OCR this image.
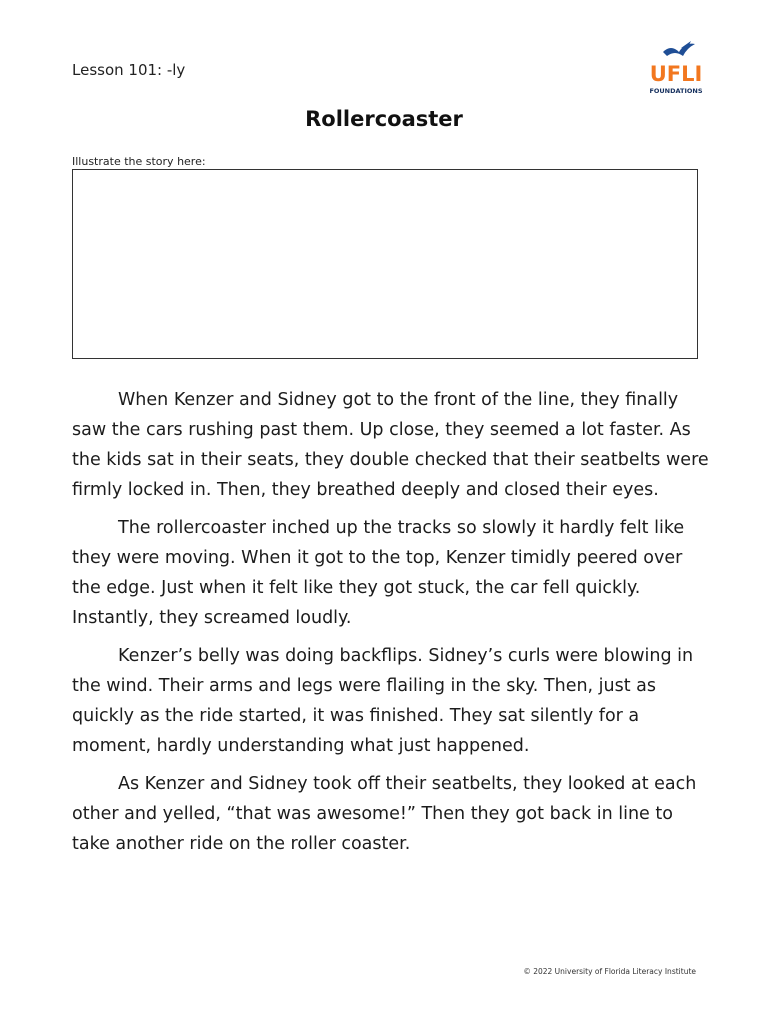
Lesson 101: -ly	UFLI
FOUNDATIONS
Rollercoaster
Illustrate the story here:

When Kenzer and Sidney got to the front of the line, they finally saw the cars rushing past them. Up close, they seemed a lot faster. As the kids sat in their seats, they double checked that their seatbelts were firmly locked in. Then, they breathed deeply and closed their eyes.

The rollercoaster inched up the tracks so slowly it hardly felt like they were moving. When it got to the top, Kenzer timidly peered over the edge. Just when it felt like they got stuck, the car fell quickly. Instantly, they screamed loudly.

Kenzer’s belly was doing backflips. Sidney’s curls were blowing in the wind. Their arms and legs were flailing in the sky. Then, just as quickly as the ride started, it was finished. They sat silently for a moment, hardly understanding what just happened.

As Kenzer and Sidney took off their seatbelts, they looked at each other and yelled, “that was awesome!” Then they got back in line to take another ride on the roller coaster.

© 2022 University of Florida Literacy Institute
